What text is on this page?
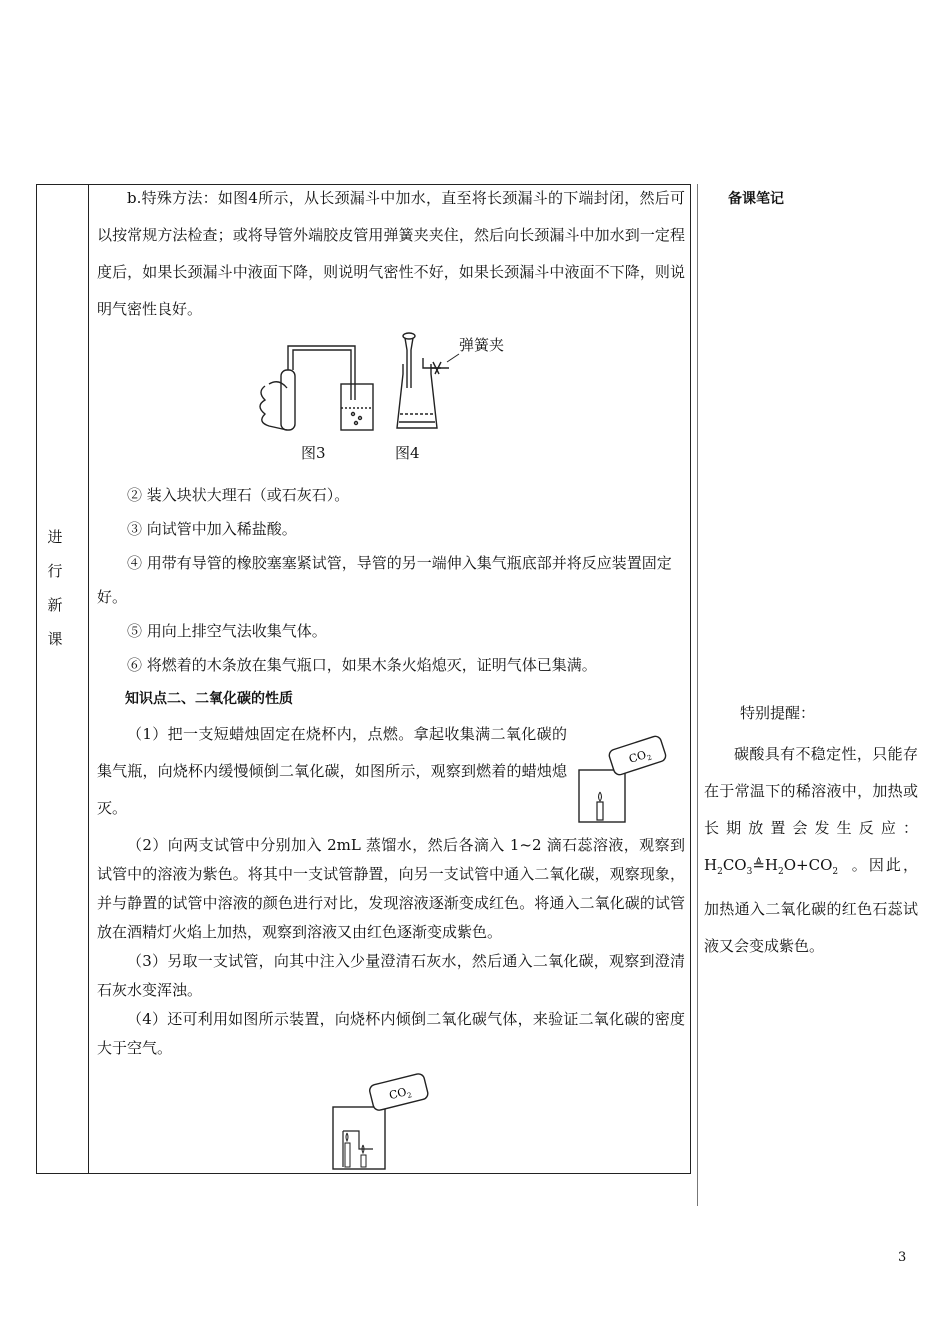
进
行
新
课

b.特殊方法：如图4所示，从长颈漏斗中加水，直至将长颈漏斗的下端封闭，然后可以按常规方法检查；或将导管外端胶皮管用弹簧夹夹住，然后向长颈漏斗中加水到一定程度后，如果长颈漏斗中液面下降，则说明气密性不好，如果长颈漏斗中液面不下降，则说明气密性良好。

弹簧夹
图3	图4

② 装入块状大理石（或石灰石）。

③ 向试管中加入稀盐酸。

④ 用带有导管的橡胶塞塞紧试管，导管的另一端伸入集气瓶底部并将反应装置固定好。

⑤ 用向上排空气法收集气体。

⑥ 将燃着的木条放在集气瓶口，如果木条火焰熄灭，证明气体已集满。

知识点二、二氧化碳的性质

（1）把一支短蜡烛固定在烧杯内，点燃。拿起收集满二氧化碳的集气瓶，向烧杯内缓慢倾倒二氧化碳，如图所示，观察到燃着的蜡烛熄灭。

$CO_2$

（2）向两支试管中分别加入 2mL 蒸馏水，然后各滴入 1~2 滴石蕊溶液，观察到试管中的溶液为紫色。将其中一支试管静置，向另一支试管中通入二氧化碳，观察现象，并与静置的试管中溶液的颜色进行对比，发现溶液逐渐变成红色。将通入二氧化碳的试管放在酒精灯火焰上加热，观察到溶液又由红色逐渐变成紫色。

（3）另取一支试管，向其中注入少量澄清石灰水，然后通入二氧化碳，观察到澄清石灰水变浑浊。

（4）还可利用如图所示装置，向烧杯内倾倒二氧化碳气体，来验证二氧化碳的密度大于空气。

$CO_2$
备课笔记
特别提醒：
碳酸具有不稳定性，只能存在于常温下的稀溶液中，加热或长期放置会发生反应：$H_2CO_3≜H_2O+CO_2$ 。因此，加热通入二氧化碳的红色石蕊试液又会变成紫色。
3
